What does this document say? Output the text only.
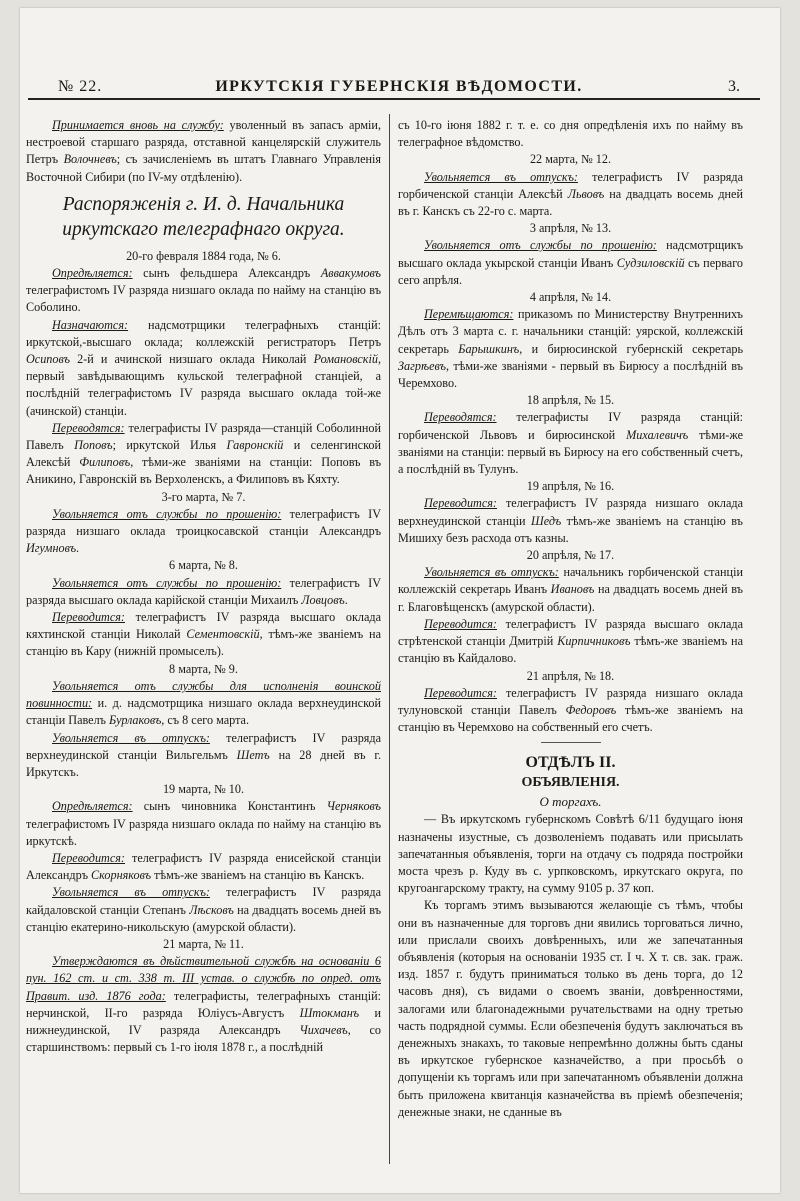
№ 22.	ИРКУТСКІЯ ГУБЕРНСКІЯ ВѢДОМОСТИ.	3.

Принимается вновь на службу: уволенный въ запасъ арміи, нестроевой старшаго разряда, отставной канцелярскій служитель Петръ Волочневъ; съ зачисленіемъ въ штатъ Главнаго Управленія Восточной Сибири (по IV-му отдѣленію).

Распоряженія г. И. д. Начальника иркутскаго телеграфнаго округа.

20-го февраля 1884 года, № 6.

Опредѣляется: сынъ фельдшера Александръ Аввакумовъ телеграфистомъ IV разряда низшаго оклада по найму на станцію въ Соболино.

Назначаются: надсмотрщики телеграфныхъ станцій: иркутской,-высшаго оклада; коллежскій регистраторъ Петръ Осиповъ 2-й и ачинской низшаго оклада Николай Романовскій, первый завѣдывающимъ кульской телеграфной станціей, а послѣдній телеграфистомъ IV разряда высшаго оклада той-же (ачинской) станціи.

Переводятся: телеграфисты IV разряда—станцій Соболинной Павелъ Поповъ; иркутской Илья Гавронскій и селенгинской Алексѣй Филиповъ, тѣми-же званіями на станціи: Поповъ въ Аникино, Гавронскій въ Верхоленскъ, а Филиповъ въ Кяхту.

3-го марта, № 7.

Увольняется отъ службы по прошенію: телеграфистъ IV разряда низшаго оклада троицкосавской станціи Александръ Игумновъ.

6 марта, № 8.

Увольняется отъ службы по прошенію: телеграфистъ IV разряда высшаго оклада карійской станціи Михаилъ Ловцовъ.

Переводится: телеграфистъ IV разряда высшаго оклада кяхтинской станціи Николай Сементовскій, тѣмъ-же званіемъ на станцію въ Кару (нижній промыселъ).

8 марта, № 9.

Увольняется отъ службы для исполненія воинской повинности: и. д. надсмотрщика низшаго оклада верхнеудинской станціи Павелъ Бурлаковъ, съ 8 сего марта.

Увольняется въ отпускъ: телеграфистъ IV разряда верхнеудинской станціи Вильгельмъ Шетъ на 28 дней въ г. Иркутскъ.

19 марта, № 10.

Опредѣляется: сынъ чиновника Константинъ Черняковъ телеграфистомъ IV разряда низшаго оклада по найму на станцію въ иркутскѣ.

Переводится: телеграфистъ IV разряда енисейской станціи Александръ Скорняковъ тѣмъ-же званіемъ на станцію въ Канскъ.

Увольняется въ отпускъ: телеграфистъ IV разряда кайдаловской станціи Степанъ Лѣсковъ на двадцать восемь дней въ станцію екатерино-никольскую (амурской области).

21 марта, № 11.

Утверждаются въ дѣйствительной службѣ на основаніи 6 пун. 162 ст. и ст. 338 т. III устав. о службѣ по опред. отъ Правит. изд. 1876 года: телеграфисты, телеграфныхъ станцій: нерчинской, II-го разряда Юліусъ-Августъ Штокманъ и нижнеудинской, IV разряда Александръ Чихачевъ, со старшинствомъ: первый съ 1-го іюля 1878 г., а послѣдній

съ 10-го іюня 1882 г. т. е. со дня опредѣленія ихъ по найму въ телеграфное вѣдомство.

22 марта, № 12.

Увольняется въ отпускъ: телеграфистъ IV разряда горбиченской станціи Алексѣй Львовъ на двадцать восемь дней въ г. Канскъ съ 22-го с. марта.

3 апрѣля, № 13.

Увольняется отъ службы по прошенію: надсмотрщикъ высшаго оклада укырской станціи Иванъ Судзиловскій съ перваго сего апрѣля.

4 апрѣля, № 14.

Перемѣщаются: приказомъ по Министерству Внутреннихъ Дѣлъ отъ 3 марта с. г. начальники станцій: уярской, коллежскій секретарь Барышкинъ, и бирюсинской губернскій секретарь Загрѣевъ, тѣми-же званіями - первый въ Бирюсу а послѣдній въ Черемхово.

18 апрѣля, № 15.

Переводятся: телеграфисты IV разряда станцій: горбиченской Львовъ и бирюсинской Михалевичъ тѣми-же званіями на станціи: первый въ Бирюсу на его собственный счетъ, а послѣдній въ Тулунъ.

19 апрѣля, № 16.

Переводится: телеграфистъ IV разряда низшаго оклада верхнеудинской станціи Шедъ тѣмъ-же званіемъ на станцію въ Мишиху безъ расхода отъ казны.

20 апрѣля, № 17.

Увольняется въ отпускъ: начальникъ горбиченской станціи коллежскій секретарь Иванъ Ивановъ на двадцать восемь дней въ г. Благовѣщенскъ (амурской области).

Переводится: телеграфистъ IV разряда высшаго оклада стрѣтенской станціи Дмитрій Кирпичниковъ тѣмъ-же званіемъ на станцію въ Кайдалово.

21 апрѣля, № 18.

Переводится: телеграфистъ IV разряда низшаго оклада тулуновской станціи Павелъ Федоровъ тѣмъ-же званіемъ на станцію въ Черемхово на собственный его счетъ.

ОТДѢЛЪ II.

ОБЪЯВЛЕНІЯ.

О торгахъ.

— Въ иркутскомъ губернскомъ Совѣтѣ 6/11 будущаго іюня назначены изустные, съ дозволеніемъ подавать или присылать запечатанныя объявленія, торги на отдачу съ подряда постройки моста чрезъ р. Куду въ с. урпковскомъ, иркутскаго округа, по кругоангарскому тракту, на сумму 9105 р. 37 коп.

Къ торгамъ этимъ вызываются желающіе съ тѣмъ, чтобы они въ назначенные для торговъ дни явились торговаться лично, или прислали своихъ довѣренныхъ, или же запечатанныя объявленія (которыя на основаніи 1935 ст. I ч. X т. св. зак. граж. изд. 1857 г. будутъ приниматься только въ день торга, до 12 часовъ дня), съ видами о своемъ званіи, довѣренностями, залогами или благонадежными ручательствами на одну третью часть подрядной суммы. Если обезпеченія будутъ заключаться въ денежныхъ знакахъ, то таковые непремѣнно должны быть сданы въ иркутское губернское казначейство, а при просьбѣ о допущеніи къ торгамъ или при запечатанномъ объявленіи должна быть приложена квитанція казначейства въ пріемѣ обезпеченія; денежные знаки, не сданные въ
